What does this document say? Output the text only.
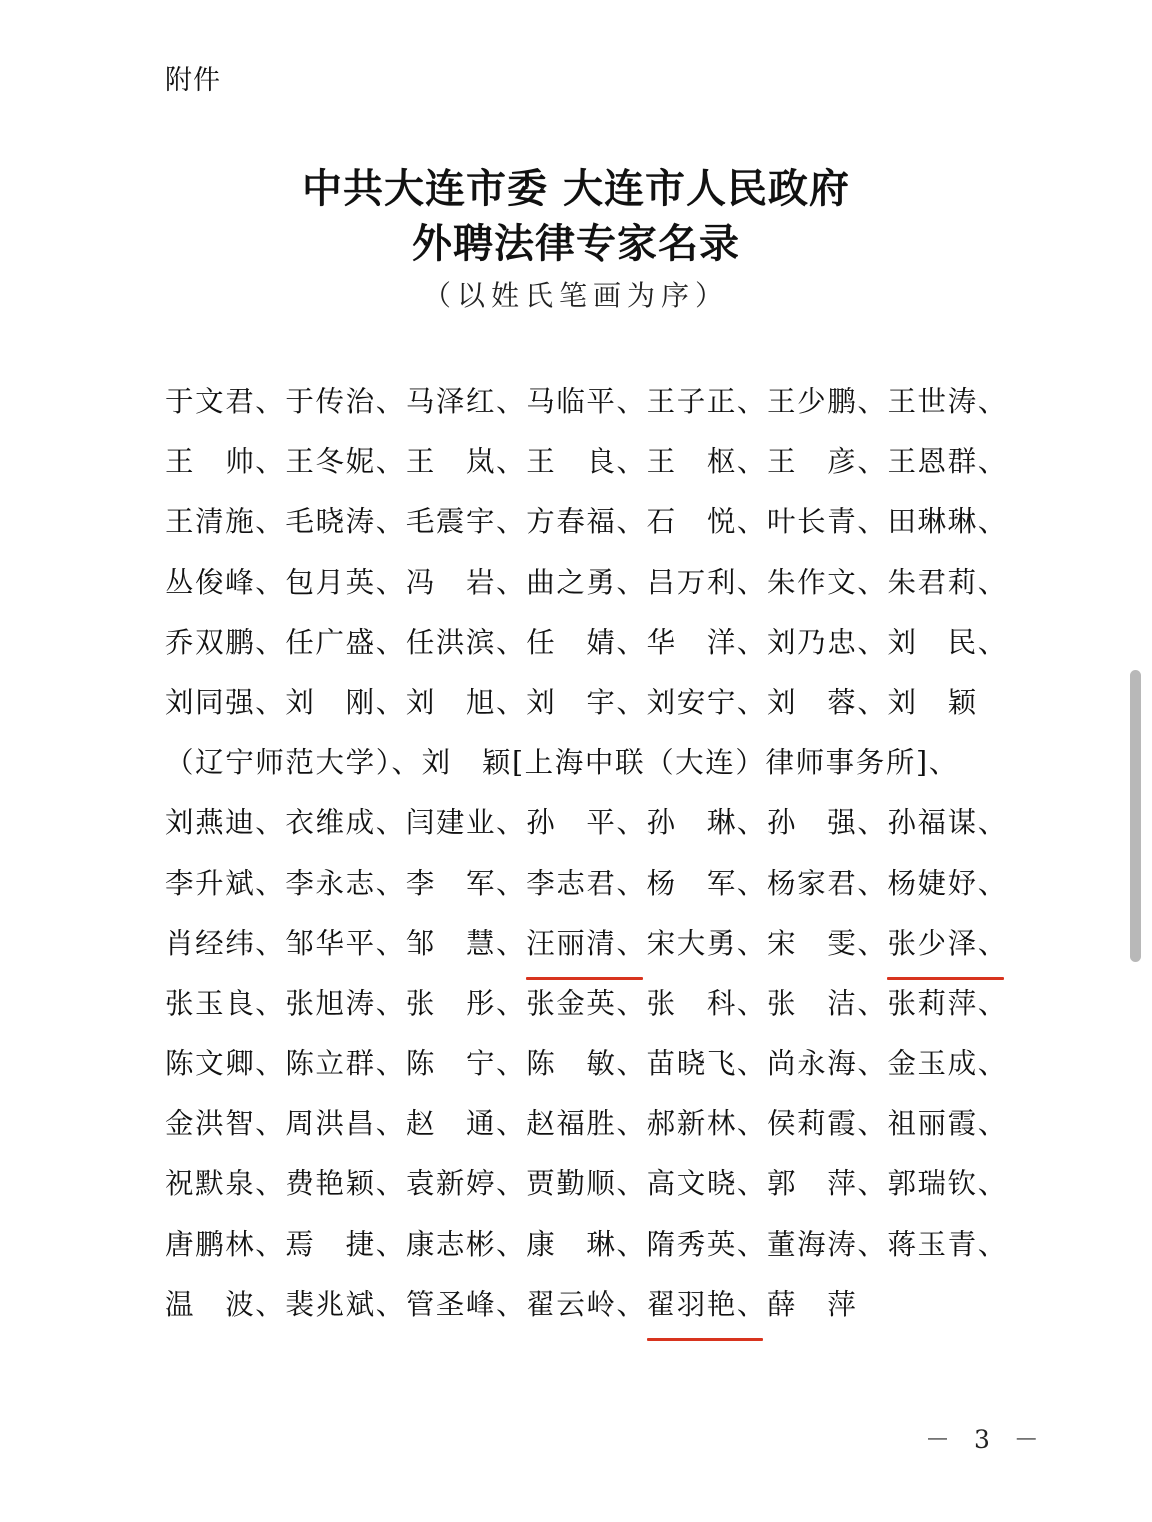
附件
中共大连市委 大连市人民政府
外聘法律专家名录
（以姓氏笔画为序）
于文君、于传治、马泽红、马临平、王子正、王少鹏、王世涛、
王　帅、王冬妮、王　岚、王　良、王　枢、王　彦、王恩群、
王清施、毛晓涛、毛震宇、方春福、石　悦、叶长青、田琳琳、
丛俊峰、包月英、冯　岩、曲之勇、吕万利、朱作文、朱君莉、
乔双鹏、任广盛、任洪滨、任　婧、华　洋、刘乃忠、刘　民、
刘同强、刘　刚、刘　旭、刘　宇、刘安宁、刘　蓉、刘　颖
（辽宁师范大学）、刘　颖[上海中联（大连）律师事务所]、
刘燕迪、衣维成、闫建业、孙　平、孙　琳、孙　强、孙福谋、
李升斌、李永志、李　军、李志君、杨　军、杨家君、杨婕妤、
肖经纬、邹华平、邹　慧、汪丽清、宋大勇、宋　雯、张少泽、
张玉良、张旭涛、张　彤、张金英、张　科、张　洁、张莉萍、
陈文卿、陈立群、陈　宁、陈　敏、苗晓飞、尚永海、金玉成、
金洪智、周洪昌、赵　通、赵福胜、郝新林、侯莉霞、祖丽霞、
祝默泉、费艳颖、袁新婷、贾勤顺、高文晓、郭　萍、郭瑞钦、
唐鹏林、焉　捷、康志彬、康　琳、隋秀英、董海涛、蒋玉青、
温　波、裴兆斌、管圣峰、翟云岭、翟羽艳、薛　萍
－ 3 －
